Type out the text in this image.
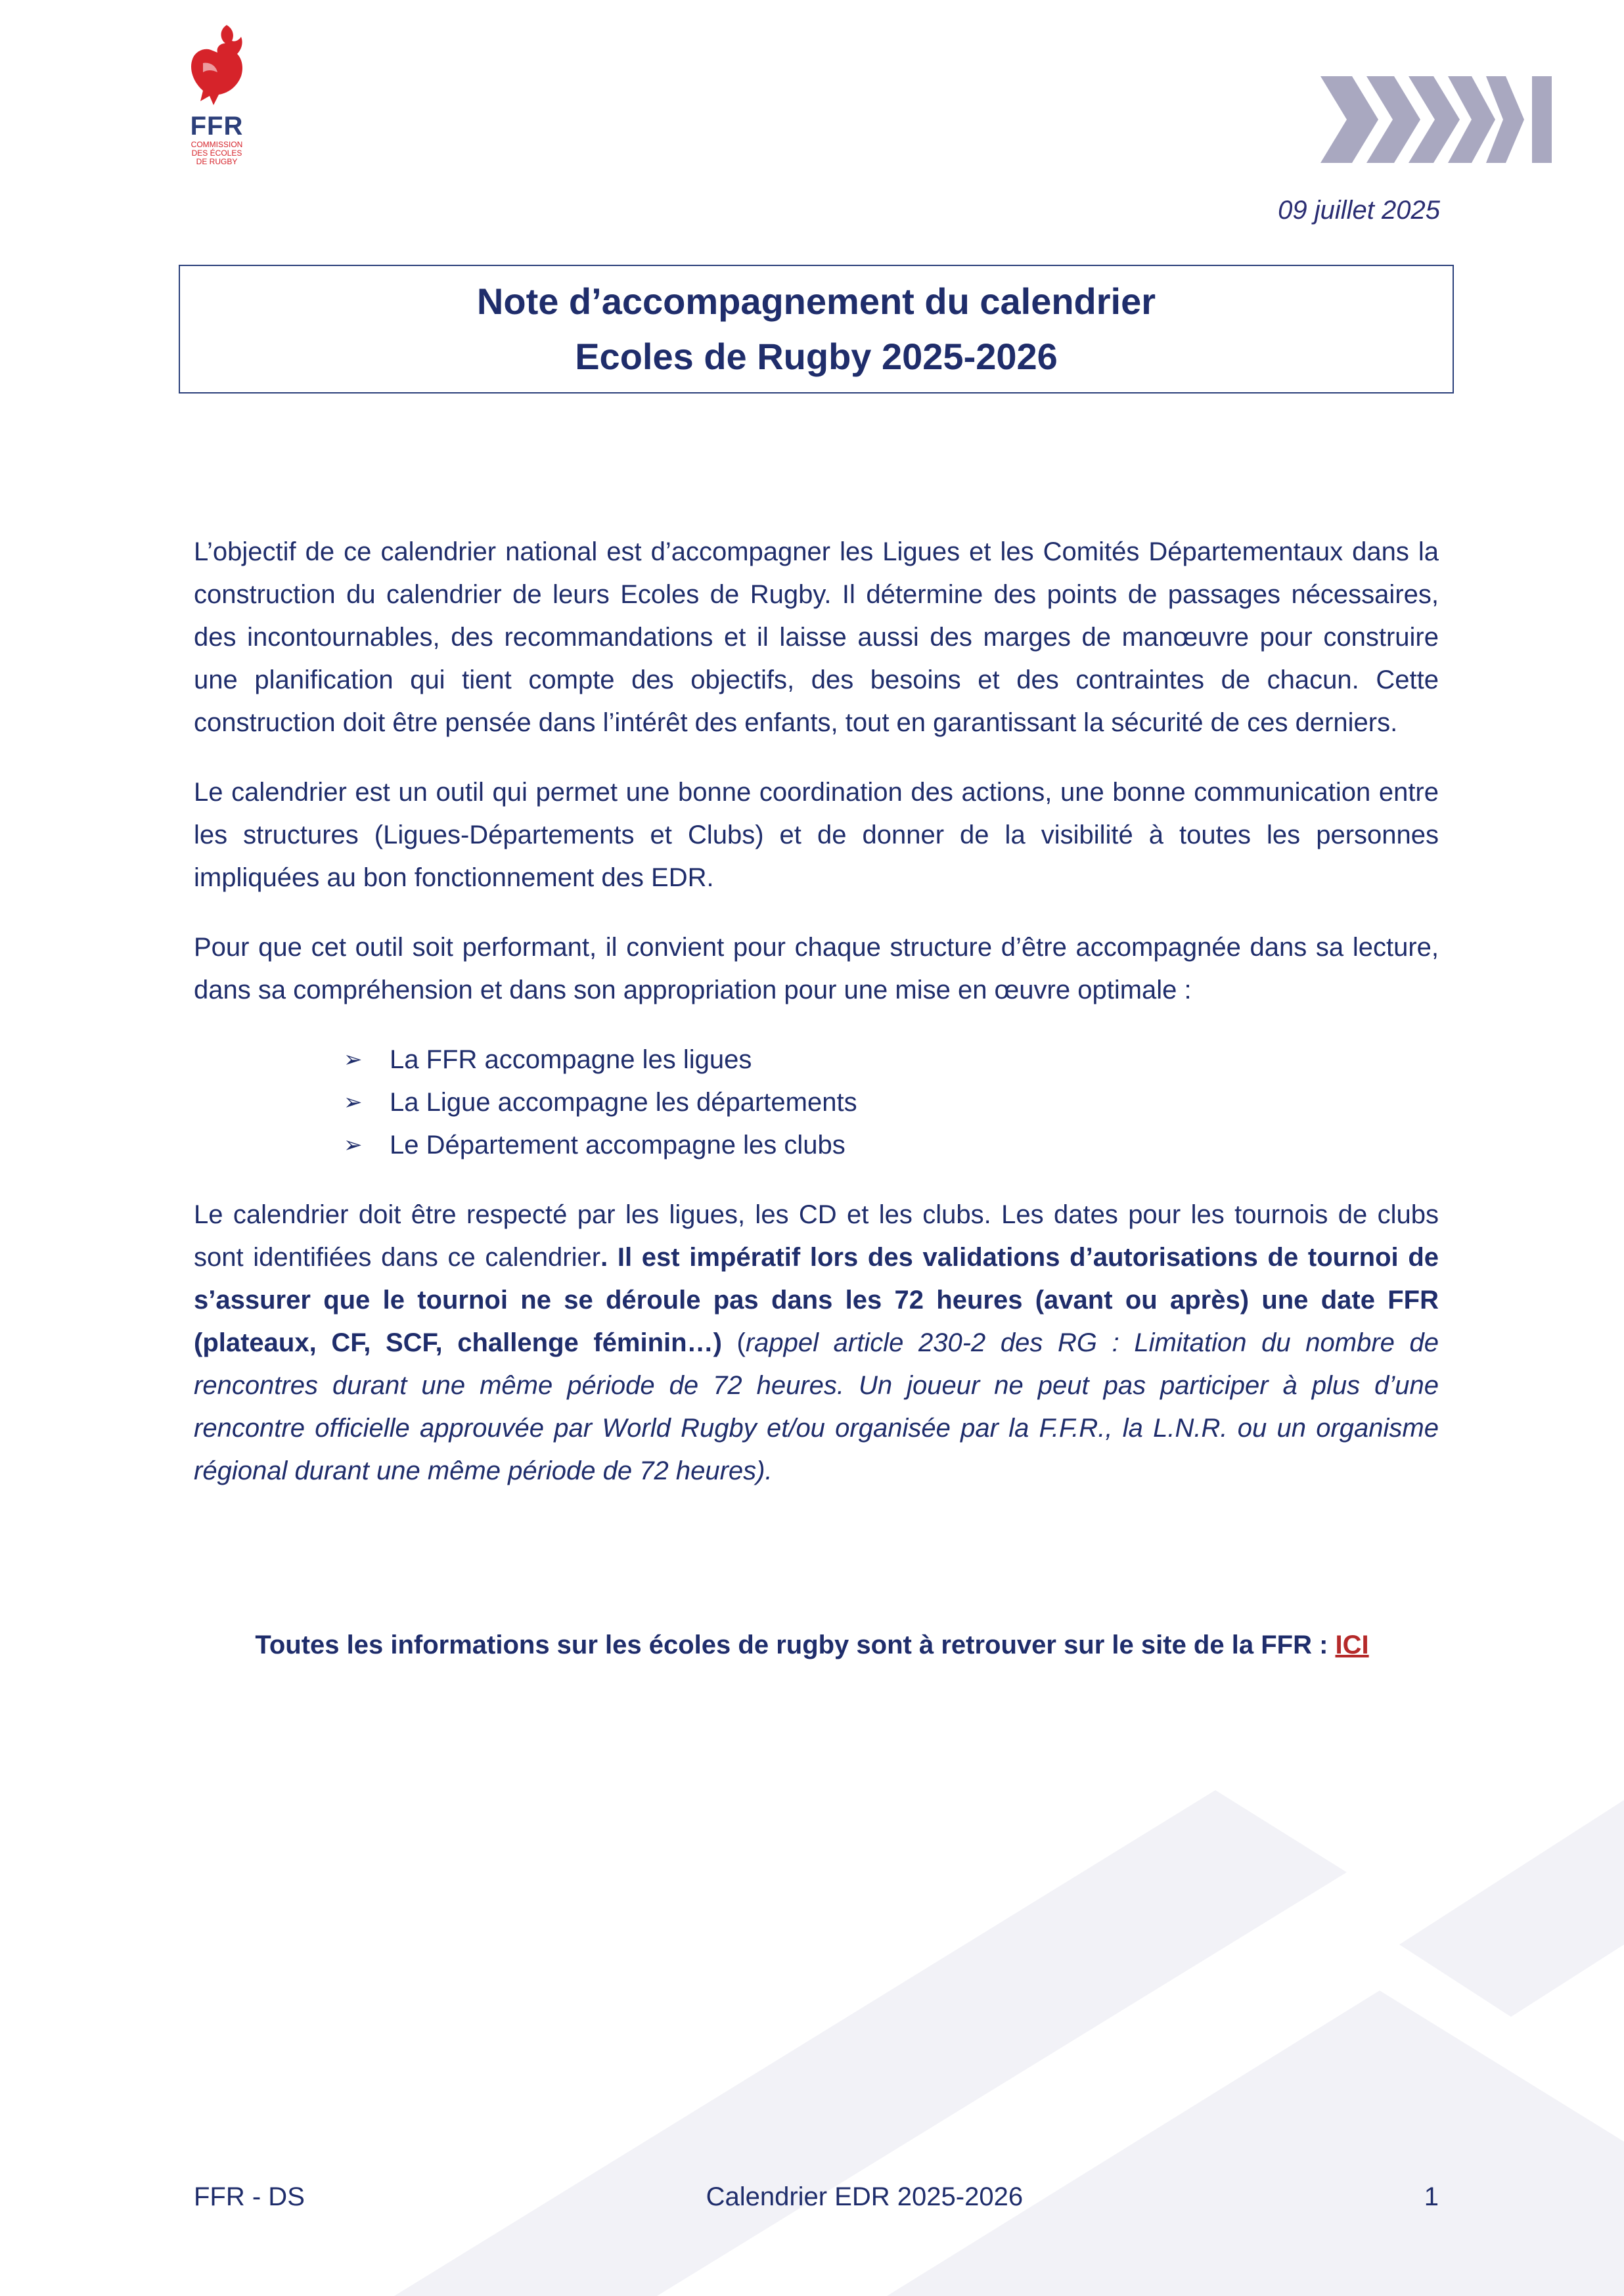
FFR
COMMISSION
DES ÉCOLES
DE RUGBY
09 juillet 2025
Note d’accompagnement du calendrier
Ecoles de Rugby 2025-2026

L’objectif de ce calendrier national est d’accompagner les Ligues et les Comités Départementaux dans la construction du calendrier de leurs Ecoles de Rugby. Il détermine des points de passages nécessaires, des incontournables, des recommandations et il laisse aussi des marges de manœuvre pour construire une planification qui tient compte des objectifs, des besoins et des contraintes de chacun. Cette construction doit être pensée dans l’intérêt des enfants, tout en garantissant la sécurité de ces derniers.

Le calendrier est un outil qui permet une bonne coordination des actions, une bonne communication entre les structures (Ligues-Départements et Clubs) et de donner de la visibilité à toutes les personnes impliquées au bon fonctionnement des EDR.

Pour que cet outil soit performant, il convient pour chaque structure d’être accompagnée dans sa lecture, dans sa compréhension et dans son appropriation pour une mise en œuvre optimale :

➢	La FFR accompagne les ligues
➢	La Ligue accompagne les départements
➢	Le Département accompagne les clubs

Le calendrier doit être respecté par les ligues, les CD et les clubs. Les dates pour les tournois de clubs sont identifiées dans ce calendrier. Il est impératif lors des validations d’autorisations de tournoi de s’assurer que le tournoi ne se déroule pas dans les 72 heures (avant ou après) une date FFR (plateaux, CF, SCF, challenge féminin…) (rappel article 230-2 des RG : Limitation du nombre de rencontres durant une même période de 72 heures. Un joueur ne peut pas participer à plus d’une rencontre officielle approuvée par World Rugby et/ou organisée par la F.F.R., la L.N.R. ou un organisme régional durant une même période de 72 heures).

Toutes les informations sur les écoles de rugby sont à retrouver sur le site de la FFR : ICI
FFR - DS	Calendrier EDR 2025-2026	1
